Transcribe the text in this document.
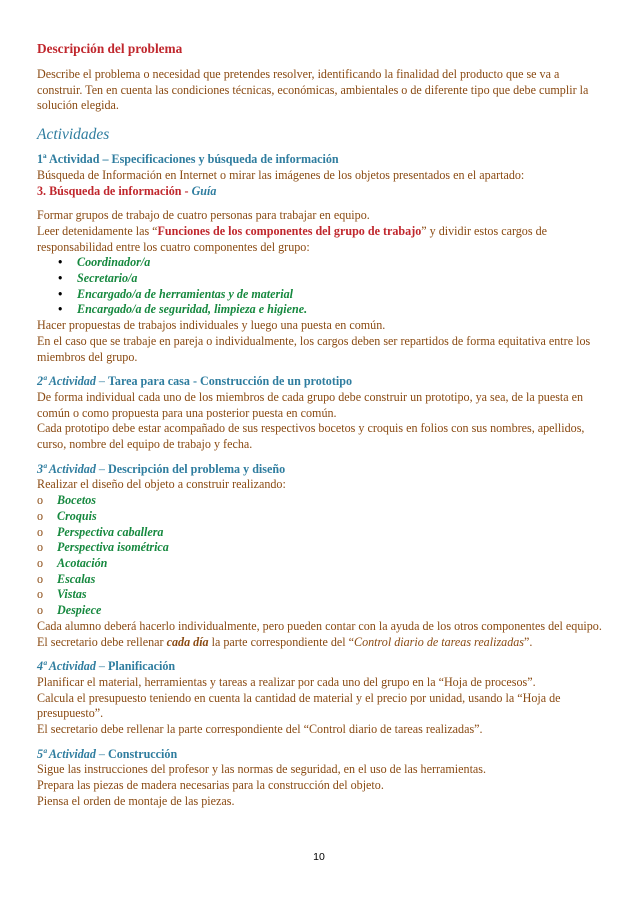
Descripción del problema

Describe el problema o necesidad que pretendes resolver, identificando la finalidad del producto que se va a construir. Ten en cuenta las condiciones técnicas, económicas, ambientales o de diferente tipo que debe cumplir la solución elegida.

Actividades

1ª Actividad – Especificaciones y búsqueda de información

Búsqueda de Información en Internet o mirar las imágenes de los objetos presentados en el apartado:

3. Búsqueda de información - Guía

Formar grupos de trabajo de cuatro personas para trabajar en equipo.

Leer detenidamente las “Funciones de los componentes del grupo de trabajo” y dividir estos cargos de responsabilidad entre los cuatro componentes del grupo:

• Coordinador/a
• Secretario/a
• Encargado/a de herramientas y de material
• Encargado/a de seguridad, limpieza e higiene.

Hacer propuestas de trabajos individuales y luego una puesta en común.

En el caso que se trabaje en pareja o individualmente, los cargos deben ser repartidos de forma equitativa entre los miembros del grupo.

2ª Actividad – Tarea para casa - Construcción de un prototipo

De forma individual cada uno de los miembros de cada grupo debe construir un prototipo, ya sea, de la puesta en común o como propuesta para una posterior puesta en común.

Cada prototipo debe estar acompañado de sus respectivos bocetos y croquis en folios con sus nombres, apellidos, curso, nombre del equipo de trabajo y fecha.

3ª Actividad – Descripción del problema y diseño

Realizar el diseño del objeto a construir realizando:

o Bocetos
o Croquis
o Perspectiva caballera
o Perspectiva isométrica
o Acotación
o Escalas
o Vistas
o Despiece

Cada alumno deberá hacerlo individualmente, pero pueden contar con la ayuda de los otros componentes del equipo.

El secretario debe rellenar cada día la parte correspondiente del “Control diario de tareas realizadas”.

4ª Actividad – Planificación

Planificar el material, herramientas y tareas a realizar por cada uno del grupo en la “Hoja de procesos”.

Calcula el presupuesto teniendo en cuenta la cantidad de material y el precio por unidad, usando la “Hoja de presupuesto”.

El secretario debe rellenar la parte correspondiente del “Control diario de tareas realizadas”.

5ª Actividad – Construcción

Sigue las instrucciones del profesor y las normas de seguridad, en el uso de las herramientas.

Prepara las piezas de madera necesarias para la construcción del objeto.

Piensa el orden de montaje de las piezas.

10
